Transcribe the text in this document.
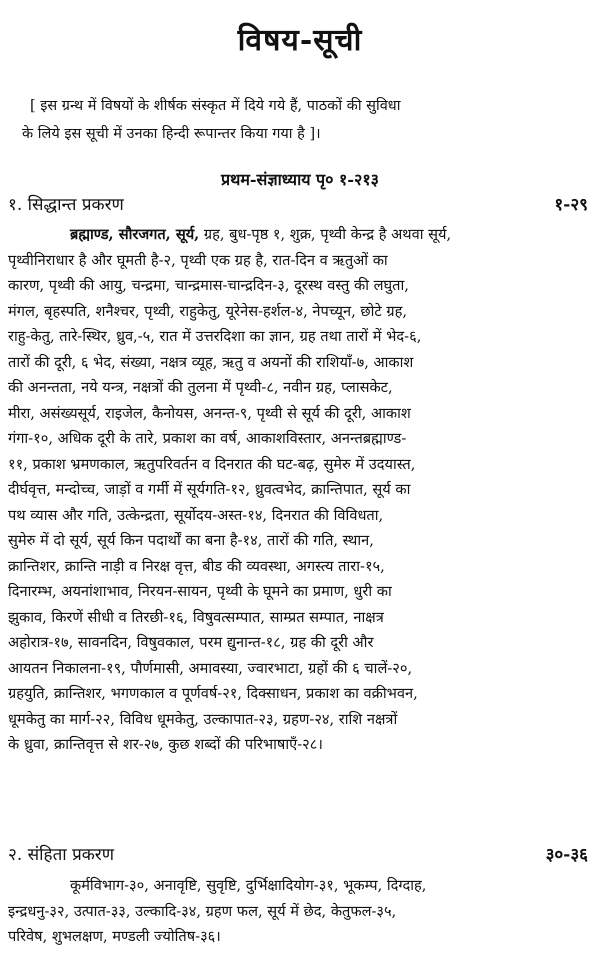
विषय-सूची
[ इस ग्रन्थ में विषयों के शीर्षक संस्कृत में दिये गये हैं, पाठकों की सुविधा
के लिये इस सूची में उनका हिन्दी रूपान्तर किया गया है ]।
प्रथम-संज्ञाध्याय पृ० १-२१३
१. सिद्धान्त प्रकरण	१-२९
ब्रह्माण्ड, सौरजगत, सूर्य, ग्रह, बुध-पृष्ठ १, शुक्र, पृथ्वी केन्द्र है अथवा सूर्य,
पृथ्वीनिराधार है और घूमती है-२, पृथ्वी एक ग्रह है, रात-दिन व ऋतुओं का
कारण, पृथ्वी की आयु, चन्द्रमा, चान्द्रमास-चान्द्रदिन-३, दूरस्थ वस्तु की लघुता,
मंगल, बृहस्पति, शनैश्चर, पृथ्वी, राहुकेतु, यूरेनेस-हर्शल-४, नेपच्यून, छोटे ग्रह,
राहु-केतु, तारे-स्थिर, ध्रुव,-५, रात में उत्तरदिशा का ज्ञान, ग्रह तथा तारों में भेद-६,
तारों की दूरी, ६ भेद, संख्या, नक्षत्र व्यूह, ऋतु व अयनों की राशियाँ-७, आकाश
की अनन्तता, नये यन्त्र, नक्षत्रों की तुलना में पृथ्वी-८, नवीन ग्रह, प्लासकेट,
मीरा, असंख्यसूर्य, राइजेल, कैनोयस, अनन्त-९, पृथ्वी से सूर्य की दूरी, आकाश
गंगा-१०, अधिक दूरी के तारे, प्रकाश का वर्ष, आकाशविस्तार, अनन्तब्रह्माण्ड-
११, प्रकाश भ्रमणकाल, ऋतुपरिवर्तन व दिनरात की घट-बढ़, सुमेरु में उदयास्त,
दीर्घवृत्त, मन्दोच्च, जाड़ों व गर्मी में सूर्यगति-१२, ध्रुवत्वभेद, क्रान्तिपात, सूर्य का
पथ व्यास और गति, उत्केन्द्रता, सूर्योदय-अस्त-१४, दिनरात की विविधता,
सुमेरु में दो सूर्य, सूर्य किन पदार्थों का बना है-१४, तारों की गति, स्थान,
क्रान्तिशर, क्रान्ति नाड़ी व निरक्ष वृत्त, बीड की व्यवस्था, अगस्त्य तारा-१५,
दिनारम्भ, अयनांशाभाव, निरयन-सायन, पृथ्वी के घूमने का प्रमाण, धुरी का
झुकाव, किरणें सीधी व तिरछी-१६, विषुवत्सम्पात, साम्प्रत सम्पात, नाक्षत्र
अहोरात्र-१७, सावनदिन, विषुवकाल, परम द्युनान्त-१८, ग्रह की दूरी और
आयतन निकालना-१९, पौर्णमासी, अमावस्या, ज्वारभाटा, ग्रहों की ६ चालें-२०,
ग्रहयुति, क्रान्तिशर, भगणकाल व पूर्णवर्ष-२१, दिक्साधन, प्रकाश का वक्रीभवन,
धूमकेतु का मार्ग-२२, विविध धूमकेतु, उल्कापात-२३, ग्रहण-२४, राशि नक्षत्रों
के ध्रुवा, क्रान्तिवृत्त से शर-२७, कुछ शब्दों की परिभाषाएँ-२८।
२. संहिता प्रकरण	३०-३६
कूर्मविभाग-३०, अनावृष्टि, सुवृष्टि, दुर्भिक्षादियोग-३१, भूकम्प, दिग्दाह,
इन्द्रधनु-३२, उत्पात-३३, उल्कादि-३४, ग्रहण फल, सूर्य में छेद, केतुफल-३५,
परिवेष, शुभलक्षण, मण्डली ज्योतिष-३६।
